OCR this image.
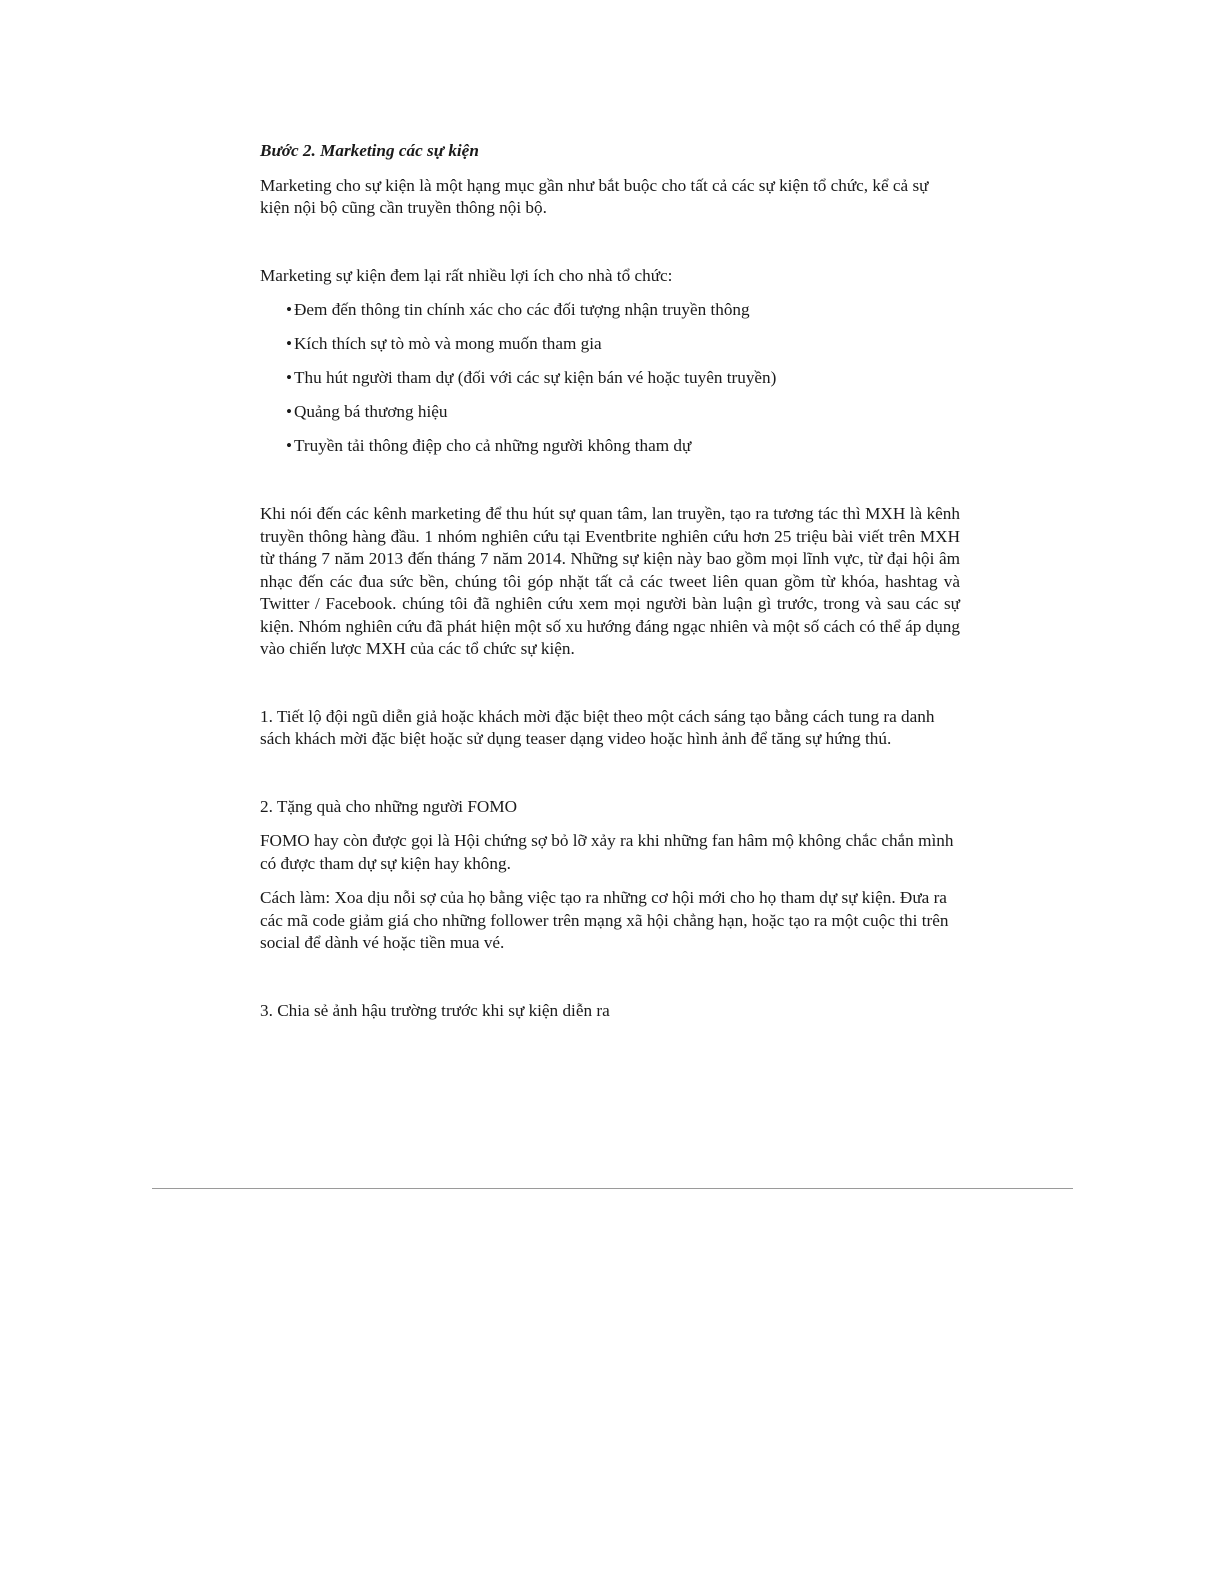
Bước 2. Marketing các sự kiện

Marketing cho sự kiện là một hạng mục gần như bắt buộc cho tất cả các sự kiện tổ chức, kể cả sự kiện nội bộ cũng cần truyền thông nội bộ.

Marketing sự kiện đem lại rất nhiều lợi ích cho nhà tổ chức:

• Đem đến thông tin chính xác cho các đối tượng nhận truyền thông
• Kích thích sự tò mò và mong muốn tham gia
• Thu hút người tham dự (đối với các sự kiện bán vé hoặc tuyên truyền)
• Quảng bá thương hiệu
• Truyền tải thông điệp cho cả những người không tham dự

Khi nói đến các kênh marketing để thu hút sự quan tâm, lan truyền, tạo ra tương tác thì MXH là kênh truyền thông hàng đầu. 1 nhóm nghiên cứu tại Eventbrite nghiên cứu hơn 25 triệu bài viết trên MXH từ tháng 7 năm 2013 đến tháng 7 năm 2014. Những sự kiện này bao gồm mọi lĩnh vực, từ đại hội âm nhạc đến các đua sức bền, chúng tôi góp nhặt tất cả các tweet liên quan gồm từ khóa, hashtag và Twitter / Facebook. chúng tôi đã nghiên cứu xem mọi người bàn luận gì trước, trong và sau các sự kiện. Nhóm nghiên cứu đã phát hiện một số xu hướng đáng ngạc nhiên và một số cách có thể áp dụng vào chiến lược MXH của các tổ chức sự kiện.

1. Tiết lộ đội ngũ diễn giả hoặc khách mời đặc biệt theo một cách sáng tạo bằng cách tung ra danh sách khách mời đặc biệt hoặc sử dụng teaser dạng video hoặc hình ảnh để tăng sự hứng thú.

2. Tặng quà cho những người FOMO

FOMO hay còn được gọi là Hội chứng sợ bỏ lỡ xảy ra khi những fan hâm mộ không chắc chắn mình có được tham dự sự kiện hay không.

Cách làm: Xoa dịu nỗi sợ của họ bằng việc tạo ra những cơ hội mới cho họ tham dự sự kiện. Đưa ra các mã code giảm giá cho những follower trên mạng xã hội chẳng hạn, hoặc tạo ra một cuộc thi trên social để dành vé hoặc tiền mua vé.

3. Chia sẻ ảnh hậu trường trước khi sự kiện diễn ra
